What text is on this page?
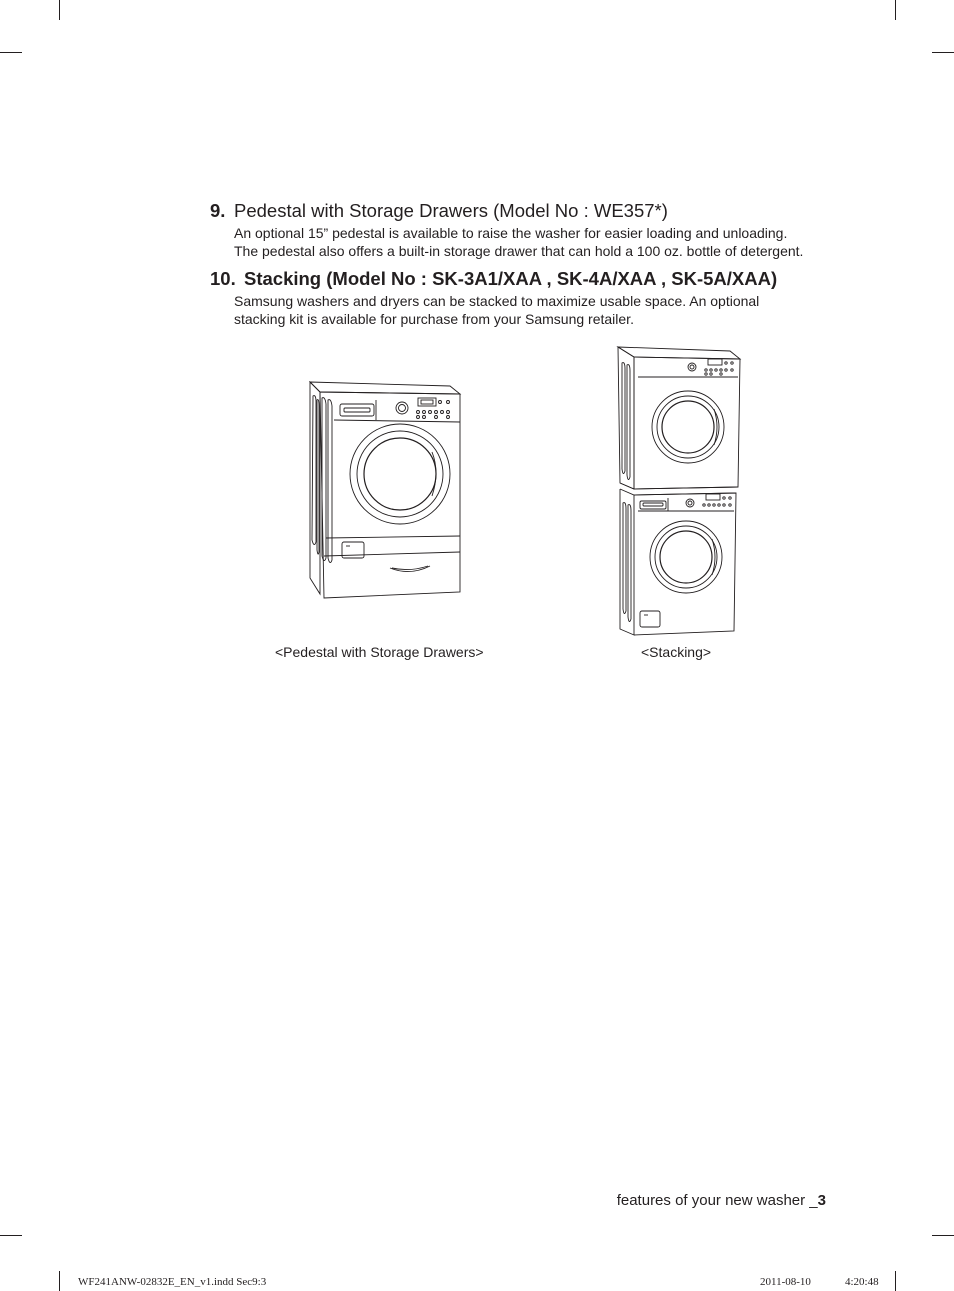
9. Pedestal with Storage Drawers (Model No : WE357*)

An optional 15” pedestal is available to raise the washer for easier loading and unloading.

The pedestal also offers a built-in storage drawer that can hold a 100 oz. bottle of detergent.

10. Stacking (Model No : SK-3A1/XAA , SK-4A/XAA , SK-5A/XAA)

Samsung washers and dryers can be stacked to maximize usable space. An optional

stacking kit is available for purchase from your Samsung retailer.

<Pedestal with Storage Drawers>	<Stacking>
features of your new washer _3
WF241ANW-02832E_EN_v1.indd Sec9:3	2011-08-10	4:20:48
